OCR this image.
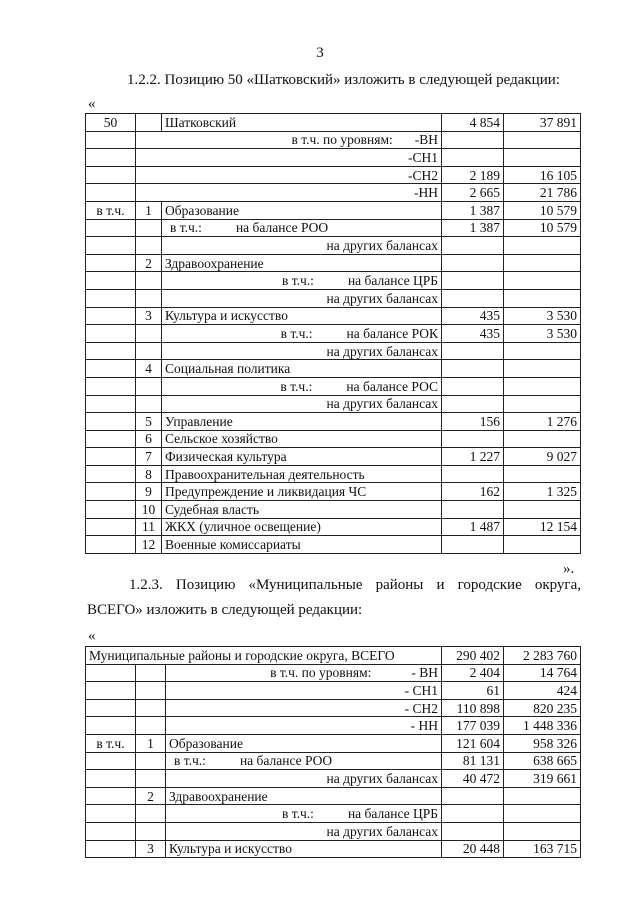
3
1.2.2. Позицию 50 «Шатковский» изложить в следующей редакции:
«
50		Шатковский	4 854	37 891
	в т.ч. по уровням: -ВН			
	-СН1			
	-СН2		2 189	16 105
	-НН		2 665	21 786
в т.ч.	1	Образование	1 387	10 579
		в т.ч.: на балансе РОО	1 387	10 579
		на других балансах		
	2	Здравоохранение		
		в т.ч.: на балансе ЦРБ		
		на других балансах		
	3	Культура и искусство	435	3 530
		в т.ч.: на балансе РОК	435	3 530
		на других балансах		
	4	Социальная политика		
		в т.ч.: на балансе РОС		
		на других балансах		
	5	Управление	156	1 276
	6	Сельское хозяйство		
	7	Физическая культура	1 227	9 027
	8	Правоохранительная деятельность		
	9	Предупреждение и ликвидация ЧС	162	1 325
	10	Судебная власть		
	11	ЖКХ (уличное освещение)	1 487	12 154
	12	Военные комиссариаты		
».
1.2.3. Позицию «Муниципальные районы и городские округа,
ВСЕГО» изложить в следующей редакции:
«
Муниципальные районы и городские округа, ВСЕГО			290 402	2 283 760
		в т.ч. по уровням: - ВН	2 404	14 764
		- СН1	61	424
		- СН2	110 898	820 235
		- НН	177 039	1 448 336
в т.ч.	1	Образование	121 604	958 326
		в т.ч.: на балансе РОО	81 131	638 665
		на других балансах	40 472	319 661
	2	Здравоохранение		
		в т.ч.: на балансе ЦРБ		
		на других балансах		
	3	Культура и искусство	20 448	163 715
